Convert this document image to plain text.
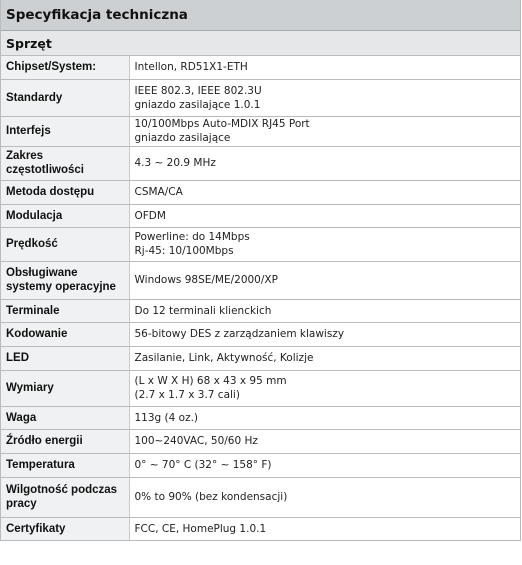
Specyfikacja techniczna
Sprzęt
Chipset/System:	Intellon, RD51X1-ETH

Standardy	IEEE 802.3, IEEE 802.3U
gniazdo zasilające 1.0.1

Interfejs	10/100Mbps Auto-MDIX RJ45 Port
gniazdo zasilające

Zakres częstotliwości	4.3 ~ 20.9 MHz

Metoda dostępu	CSMA/CA

Modulacja	OFDM

Prędkość	Powerline: do 14Mbps
Rj-45: 10/100Mbps

Obsługiwane systemy operacyjne	Windows 98SE/ME/2000/XP

Terminale	Do 12 terminali klienckich

Kodowanie	56-bitowy DES z zarządzaniem klawiszy

LED	Zasilanie, Link, Aktywność, Kolizje

Wymiary	(L x W X H) 68 x 43 x 95 mm
(2.7 x 1.7 x 3.7 cali)

Waga	113g (4 oz.)

Źródło energii	100~240VAC, 50/60 Hz

Temperatura	0° ~ 70° C (32° ~ 158° F)

Wilgotność podczas pracy	0% to 90% (bez kondensacji)

Certyfikaty	FCC, CE, HomePlug 1.0.1
